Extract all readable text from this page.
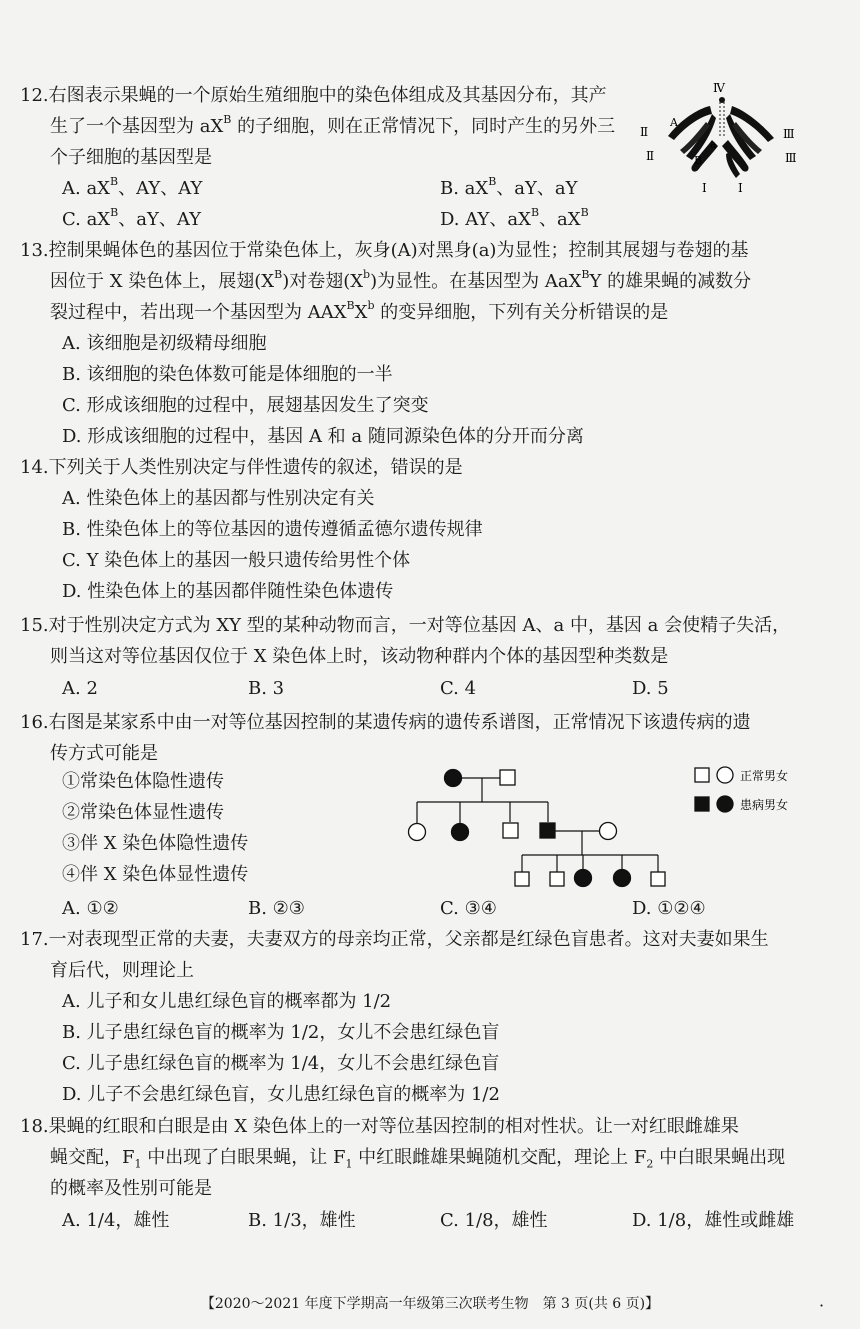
12.右图表示果蝇的一个原始生殖细胞中的染色体组成及其基因分布，其产
生了一个基因型为 $aX^B$ 的子细胞，则在正常情况下，同时产生的另外三
个子细胞的基因型是
A. $aX^B$、AY、AY	B. $aX^B$、aY、aY
C. $aX^B$、aY、AY	D. AY、$aX^B$、$aX^B$
Ⅳ
Ⅱ
A
Ⅱ
a
B
Ⅲ
Ⅲ
Ⅰ	Ⅰ
13.控制果蝇体色的基因位于常染色体上，灰身(A)对黑身(a)为显性；控制其展翅与卷翅的基
因位于 X 染色体上，展翅$(X^B)$对卷翅$(X^b)$为显性。在基因型为 AaX$^B$Y 的雄果蝇的减数分
裂过程中，若出现一个基因型为 $AAX^BX^b$ 的变异细胞，下列有关分析错误的是
A. 该细胞是初级精母细胞
B. 该细胞的染色体数可能是体细胞的一半
C. 形成该细胞的过程中，展翅基因发生了突变
D. 形成该细胞的过程中，基因 A 和 a 随同源染色体的分开而分离
14.下列关于人类性别决定与伴性遗传的叙述，错误的是
A. 性染色体上的基因都与性别决定有关
B. 性染色体上的等位基因的遗传遵循孟德尔遗传规律
C. Y 染色体上的基因一般只遗传给男性个体
D. 性染色体上的基因都伴随性染色体遗传
15.对于性别决定方式为 XY 型的某种动物而言，一对等位基因 A、a 中，基因 a 会使精子失活，
则当这对等位基因仅位于 X 染色体上时，该动物种群内个体的基因型种类数是
A. 2	B. 3	C. 4	D. 5
16.右图是某家系中由一对等位基因控制的某遗传病的遗传系谱图，正常情况下该遗传病的遗
传方式可能是
①常染色体隐性遗传
②常染色体显性遗传
③伴 X 染色体隐性遗传
④伴 X 染色体显性遗传
A. ①②	B. ②③	C. ③④	D. ①②④
正常男女
患病男女
17.一对表现型正常的夫妻，夫妻双方的母亲均正常，父亲都是红绿色盲患者。这对夫妻如果生
育后代，则理论上
A. 儿子和女儿患红绿色盲的概率都为 1/2
B. 儿子患红绿色盲的概率为 1/2，女儿不会患红绿色盲
C. 儿子患红绿色盲的概率为 1/4，女儿不会患红绿色盲
D. 儿子不会患红绿色盲，女儿患红绿色盲的概率为 1/2
18.果蝇的红眼和白眼是由 X 染色体上的一对等位基因控制的相对性状。让一对红眼雌雄果
蝇交配，$F_1$ 中出现了白眼果蝇，让 $F_1$ 中红眼雌雄果蝇随机交配，理论上 $F_2$ 中白眼果蝇出现
的概率及性别可能是
A. 1/4，雄性	B. 1/3，雄性	C. 1/8，雄性	D. 1/8，雄性或雌雄
【2020～2021 年度下学期高一年级第三次联考生物　第 3 页(共 6 页)】	·
